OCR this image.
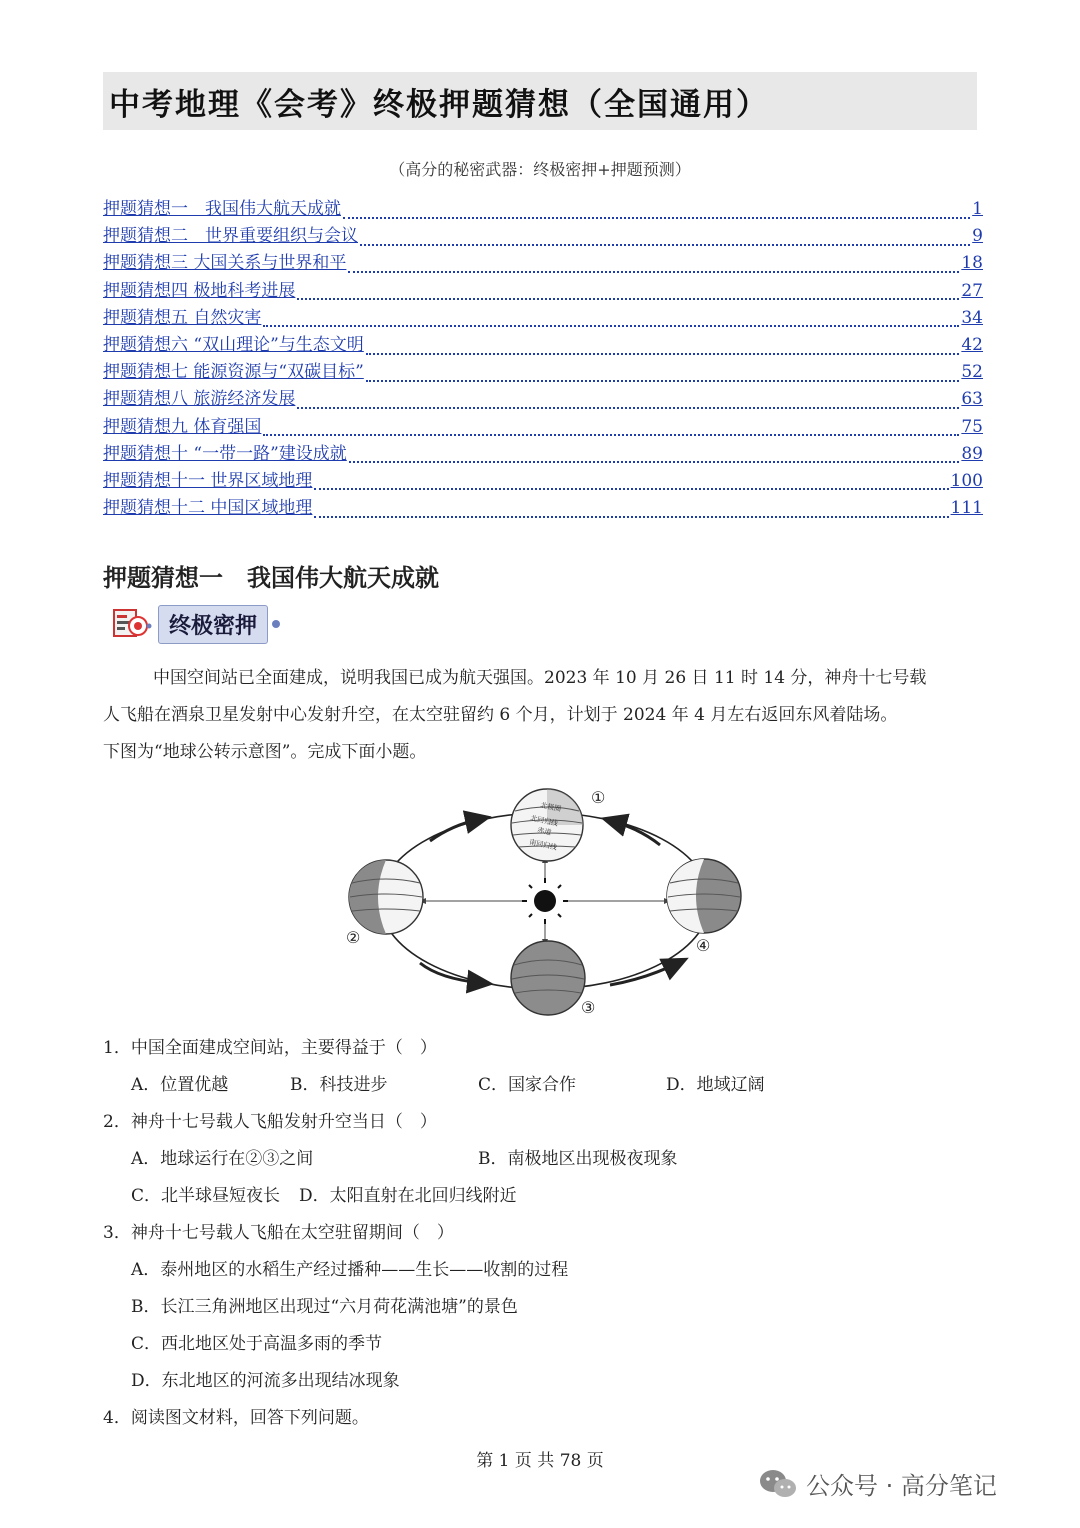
中考地理《会考》终极押题猜想（全国通用）
（高分的秘密武器：终极密押+押题预测）
押题猜想一　我国伟大航天成就	1
押题猜想二　世界重要组织与会议	9
押题猜想三 大国关系与世界和平	18
押题猜想四 极地科考进展	27
押题猜想五 自然灾害	34
押题猜想六 “双山理论”与生态文明	42
押题猜想七 能源资源与“双碳目标”	52
押题猜想八 旅游经济发展	63
押题猜想九 体育强国	75
押题猜想十 “一带一路”建设成就	89
押题猜想十一 世界区域地理	100
押题猜想十二 中国区域地理	111
押题猜想一　我国伟大航天成就
终极密押

中国空间站已全面建成，说明我国已成为航天强国。2023 年 10 月 26 日 11 时 14 分，神舟十七号载

人飞船在酒泉卫星发射中心发射升空，在太空驻留约 6 个月，计划于 2024 年 4 月左右返回东风着陆场。

下图为“地球公转示意图”。完成下面小题。

北极圈
北回归线
赤道
南回归线
①
②
③
④
1．中国全面建成空间站，主要得益于（　）
A．位置优越	B．科技进步	C．国家合作	D．地域辽阔
2．神舟十七号载人飞船发射升空当日（　）
A．地球运行在②③之间	B．南极地区出现极夜现象
C．北半球昼短夜长 D．太阳直射在北回归线附近
3．神舟十七号载人飞船在太空驻留期间（　）
A．泰州地区的水稻生产经过播种——生长——收割的过程
B．长江三角洲地区出现过“六月荷花满池塘”的景色
C．西北地区处于高温多雨的季节
D．东北地区的河流多出现结冰现象
4．阅读图文材料，回答下列问题。
第 1 页 共 78 页
公众号 · 高分笔记
